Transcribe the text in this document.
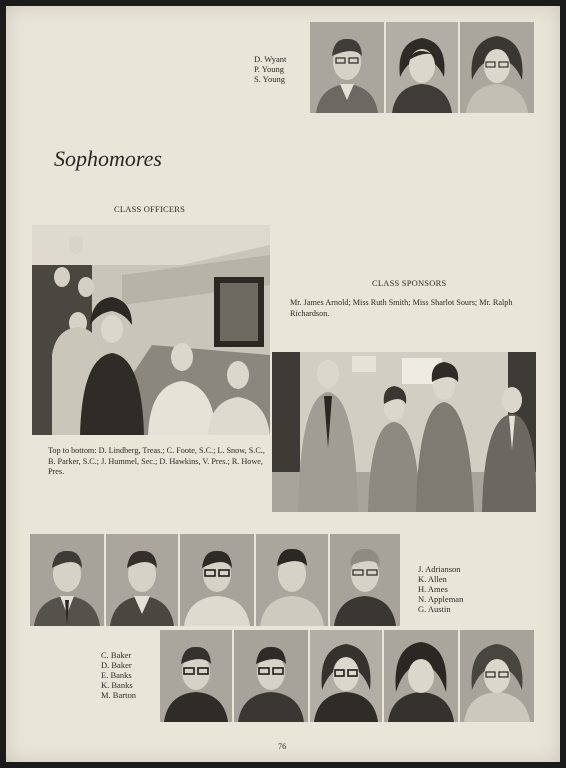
D. Wyant
P. Young
S. Young
Sophomores
CLASS OFFICERS
Top to bottom: D. Lindberg, Treas.; C. Foote, S.C.; L. Snow, S.C., B. Parker, S.C.; J. Hummel, Sec.; D. Hawkins, V. Pres.; R. Howe, Pres.
CLASS SPONSORS
Mr. James Arnold; Miss Ruth Smith; Miss Sharlot Sours; Mr. Ralph Richardson.
J. Adrianson
K. Allen
H. Ames
N. Appleman
G. Austin
C. Baker
D. Baker
E. Banks
K. Banks
M. Barton
76
